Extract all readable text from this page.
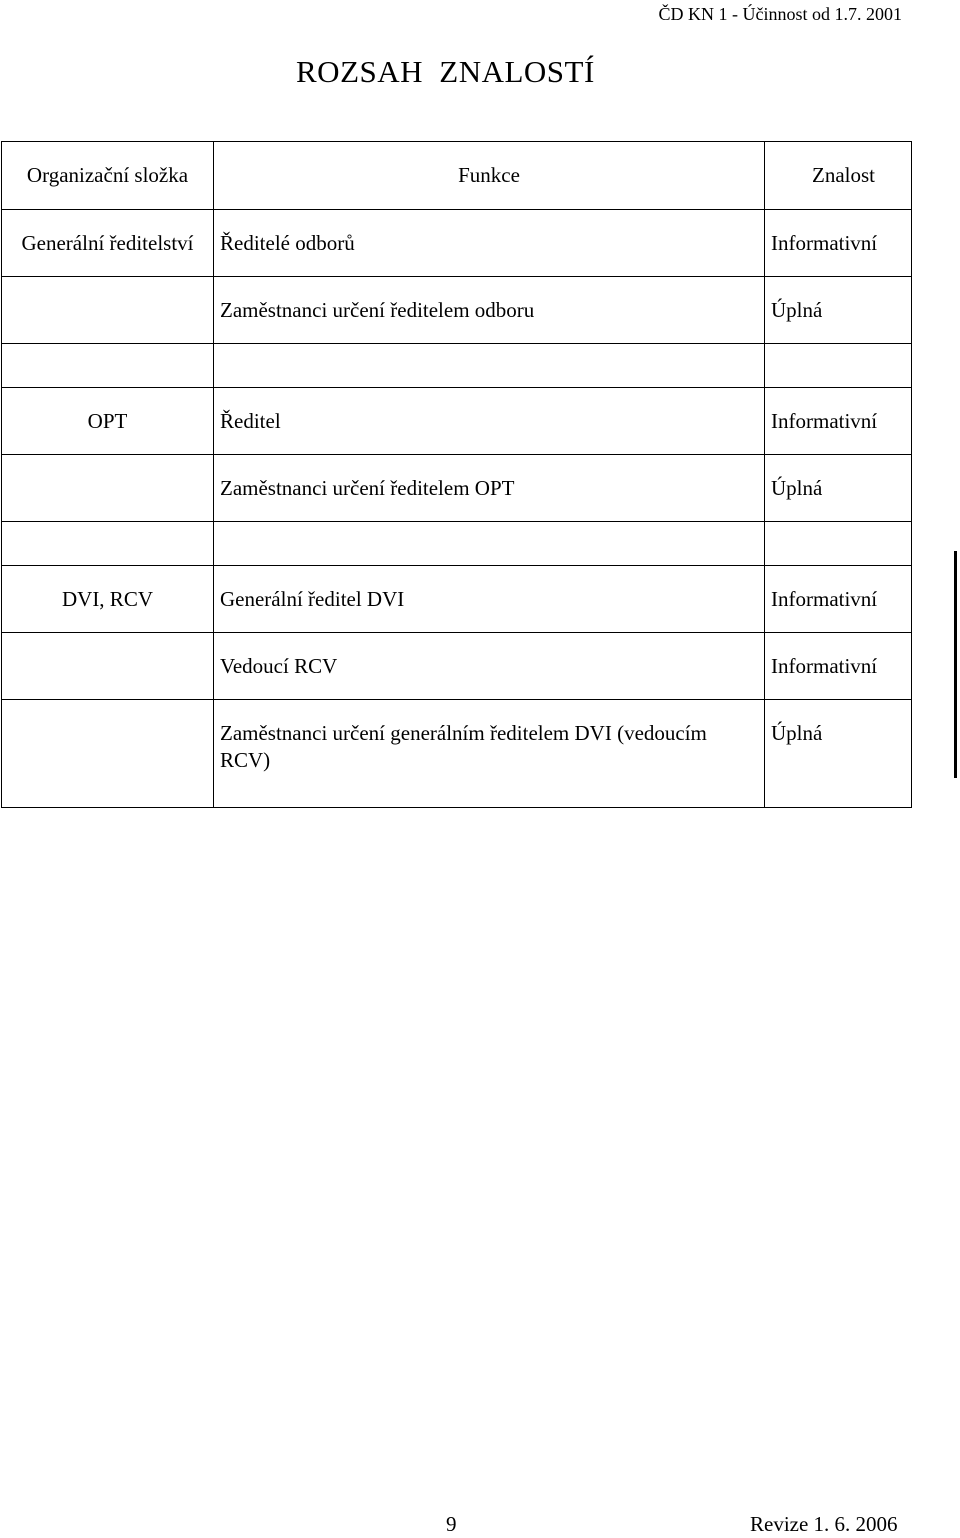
ČD KN 1 - Účinnost od 1.7. 2001
ROZSAH ZNALOSTÍ
Organizační složka	Funkce	Znalost
Generální ředitelství	Ředitelé odborů	Informativní
	Zaměstnanci určení ředitelem odboru	Úplná

OPT	Ředitel	Informativní
	Zaměstnanci určení ředitelem OPT	Úplná

DVI, RCV	Generální ředitel DVI	Informativní
	Vedoucí RCV	Informativní
	Zaměstnanci určení generálním ředitelem DVI (vedoucím RCV)	Úplná
9	Revize 1. 6. 2006
